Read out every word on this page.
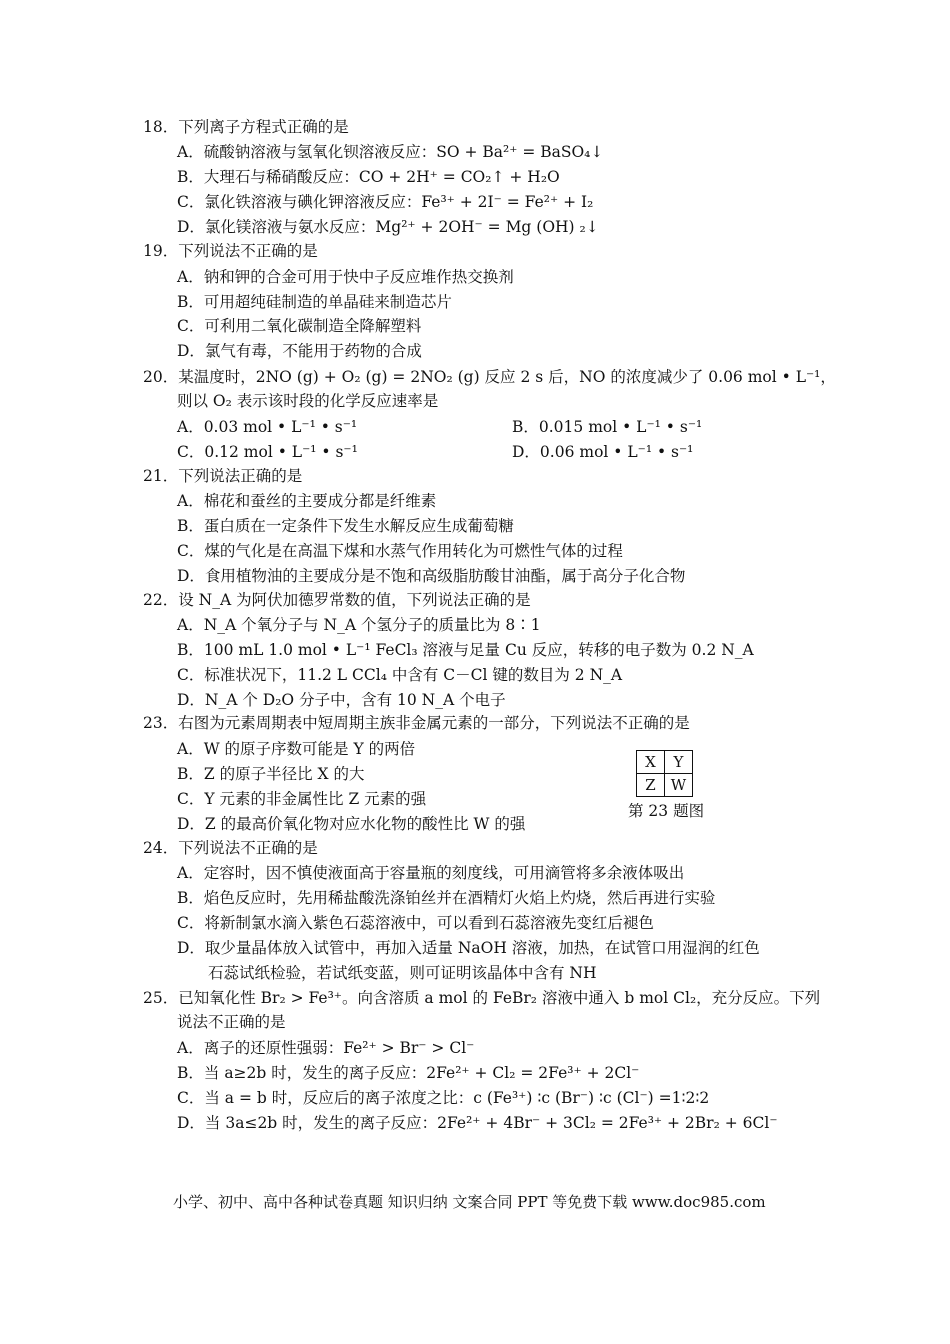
18．下列离子方程式正确的是
A．硫酸钠溶液与氢氧化钡溶液反应：SO + Ba²⁺ = BaSO₄↓
B．大理石与稀硝酸反应：CO + 2H⁺ = CO₂↑ + H₂O
C．氯化铁溶液与碘化钾溶液反应：Fe³⁺ + 2I⁻ = Fe²⁺ + I₂
D．氯化镁溶液与氨水反应：Mg²⁺ + 2OH⁻ = Mg (OH) ₂↓
19．下列说法不正确的是
A．钠和钾的合金可用于快中子反应堆作热交换剂
B．可用超纯硅制造的单晶硅来制造芯片
C．可利用二氧化碳制造全降解塑料
D．氯气有毒，不能用于药物的合成
20．某温度时，2NO (g) + O₂ (g) = 2NO₂ (g) 反应 2 s 后，NO 的浓度减少了 0.06 mol • L⁻¹，
则以 O₂ 表示该时段的化学反应速率是
A．0.03 mol • L⁻¹ • s⁻¹	B．0.015 mol • L⁻¹ • s⁻¹
C．0.12 mol • L⁻¹ • s⁻¹	D．0.06 mol • L⁻¹ • s⁻¹
21．下列说法正确的是
A．棉花和蚕丝的主要成分都是纤维素
B．蛋白质在一定条件下发生水解反应生成葡萄糖
C．煤的气化是在高温下煤和水蒸气作用转化为可燃性气体的过程
D．食用植物油的主要成分是不饱和高级脂肪酸甘油酯，属于高分子化合物
22．设 N_A 为阿伏加德罗常数的值，下列说法正确的是
A．N_A 个氧分子与 N_A 个氢分子的质量比为 8∶1
B．100 mL 1.0 mol • L⁻¹ FeCl₃ 溶液与足量 Cu 反应，转移的电子数为 0.2 N_A
C．标准状况下，11.2 L CCl₄ 中含有 C－Cl 键的数目为 2 N_A
D．N_A 个 D₂O 分子中，含有 10 N_A 个电子
23．右图为元素周期表中短周期主族非金属元素的一部分，下列说法不正确的是
A．W 的原子序数可能是 Y 的两倍
B．Z 的原子半径比 X 的大
C．Y 元素的非金属性比 Z 元素的强
D．Z 的最高价氧化物对应水化物的酸性比 W 的强
X	Y
Z	W
第 23 题图
24．下列说法不正确的是
A．定容时，因不慎使液面高于容量瓶的刻度线，可用滴管将多余液体吸出
B．焰色反应时，先用稀盐酸洗涤铂丝并在酒精灯火焰上灼烧，然后再进行实验
C．将新制氯水滴入紫色石蕊溶液中，可以看到石蕊溶液先变红后褪色
D．取少量晶体放入试管中，再加入适量 NaOH 溶液，加热，在试管口用湿润的红色
石蕊试纸检验，若试纸变蓝，则可证明该晶体中含有 NH
25．已知氧化性 Br₂ > Fe³⁺。向含溶质 a mol 的 FeBr₂ 溶液中通入 b mol Cl₂，充分反应。下列
说法不正确的是
A．离子的还原性强弱：Fe²⁺ > Br⁻ > Cl⁻
B．当 a≥2b 时，发生的离子反应：2Fe²⁺ + Cl₂ = 2Fe³⁺ + 2Cl⁻
C．当 a = b 时，反应后的离子浓度之比：c (Fe³⁺) ∶c (Br⁻) ∶c (Cl⁻) =1∶2∶2
D．当 3a≤2b 时，发生的离子反应：2Fe²⁺ + 4Br⁻ + 3Cl₂ = 2Fe³⁺ + 2Br₂ + 6Cl⁻
小学、初中、高中各种试卷真题 知识归纳 文案合同 PPT 等免费下载 www.doc985.com
